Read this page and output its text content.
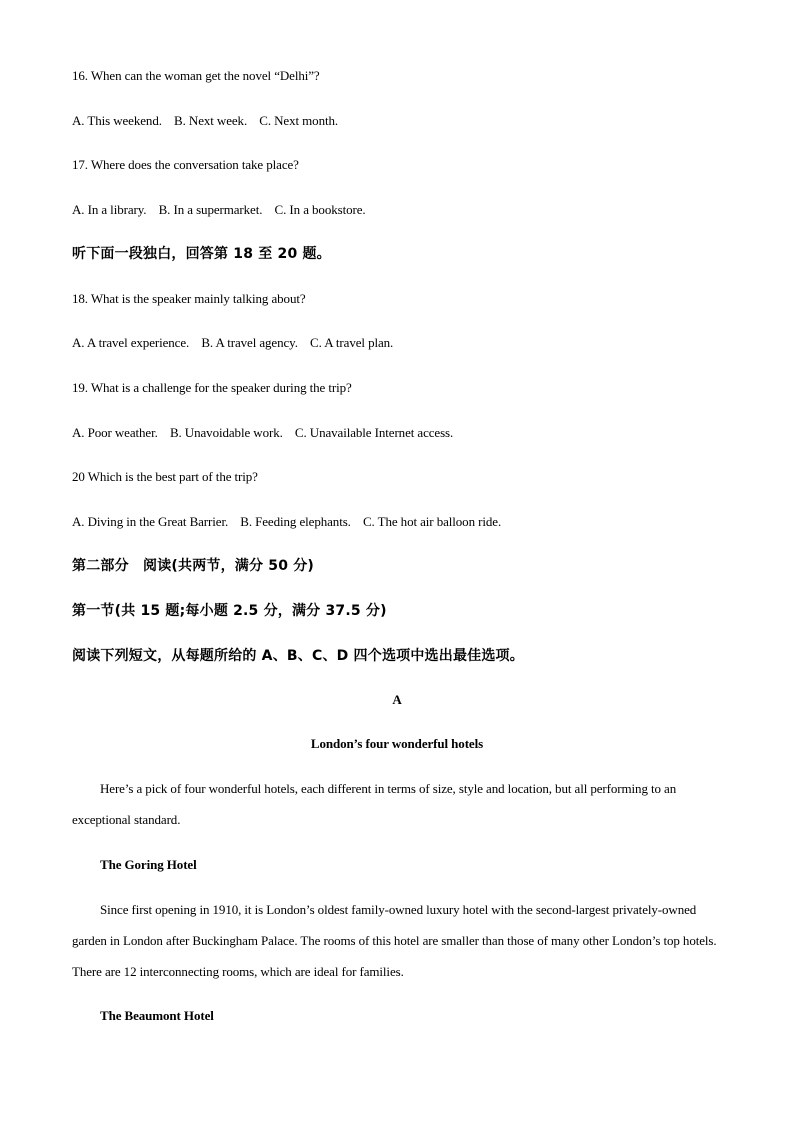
16. When can the woman get the novel “Delhi”?
A. This weekend. B. Next week. C. Next month.
17. Where does the conversation take place?
A. In a library. B. In a supermarket. C. In a bookstore.
听下面一段独白，回答第 18 至 20 题。
18. What is the speaker mainly talking about?
A. A travel experience. B. A travel agency. C. A travel plan.
19. What is a challenge for the speaker during the trip?
A. Poor weather. B. Unavoidable work. C. Unavailable Internet access.
20 Which is the best part of the trip?
A. Diving in the Great Barrier. B. Feeding elephants. C. The hot air balloon ride.
第二部分　阅读(共两节，满分 50 分)
第一节(共 15 题;每小题 2.5 分，满分 37.5 分)
阅读下列短文，从每题所给的 A、B、C、D 四个选项中选出最佳选项。
A
London’s four wonderful hotels
Here’s a pick of four wonderful hotels, each different in terms of size, style and location, but all performing to an exceptional standard.
The Goring Hotel
Since first opening in 1910, it is London’s oldest family-owned luxury hotel with the second-largest privately-owned garden in London after Buckingham Palace. The rooms of this hotel are smaller than those of many other London’s top hotels. There are 12 interconnecting rooms, which are ideal for families.
The Beaumont Hotel
